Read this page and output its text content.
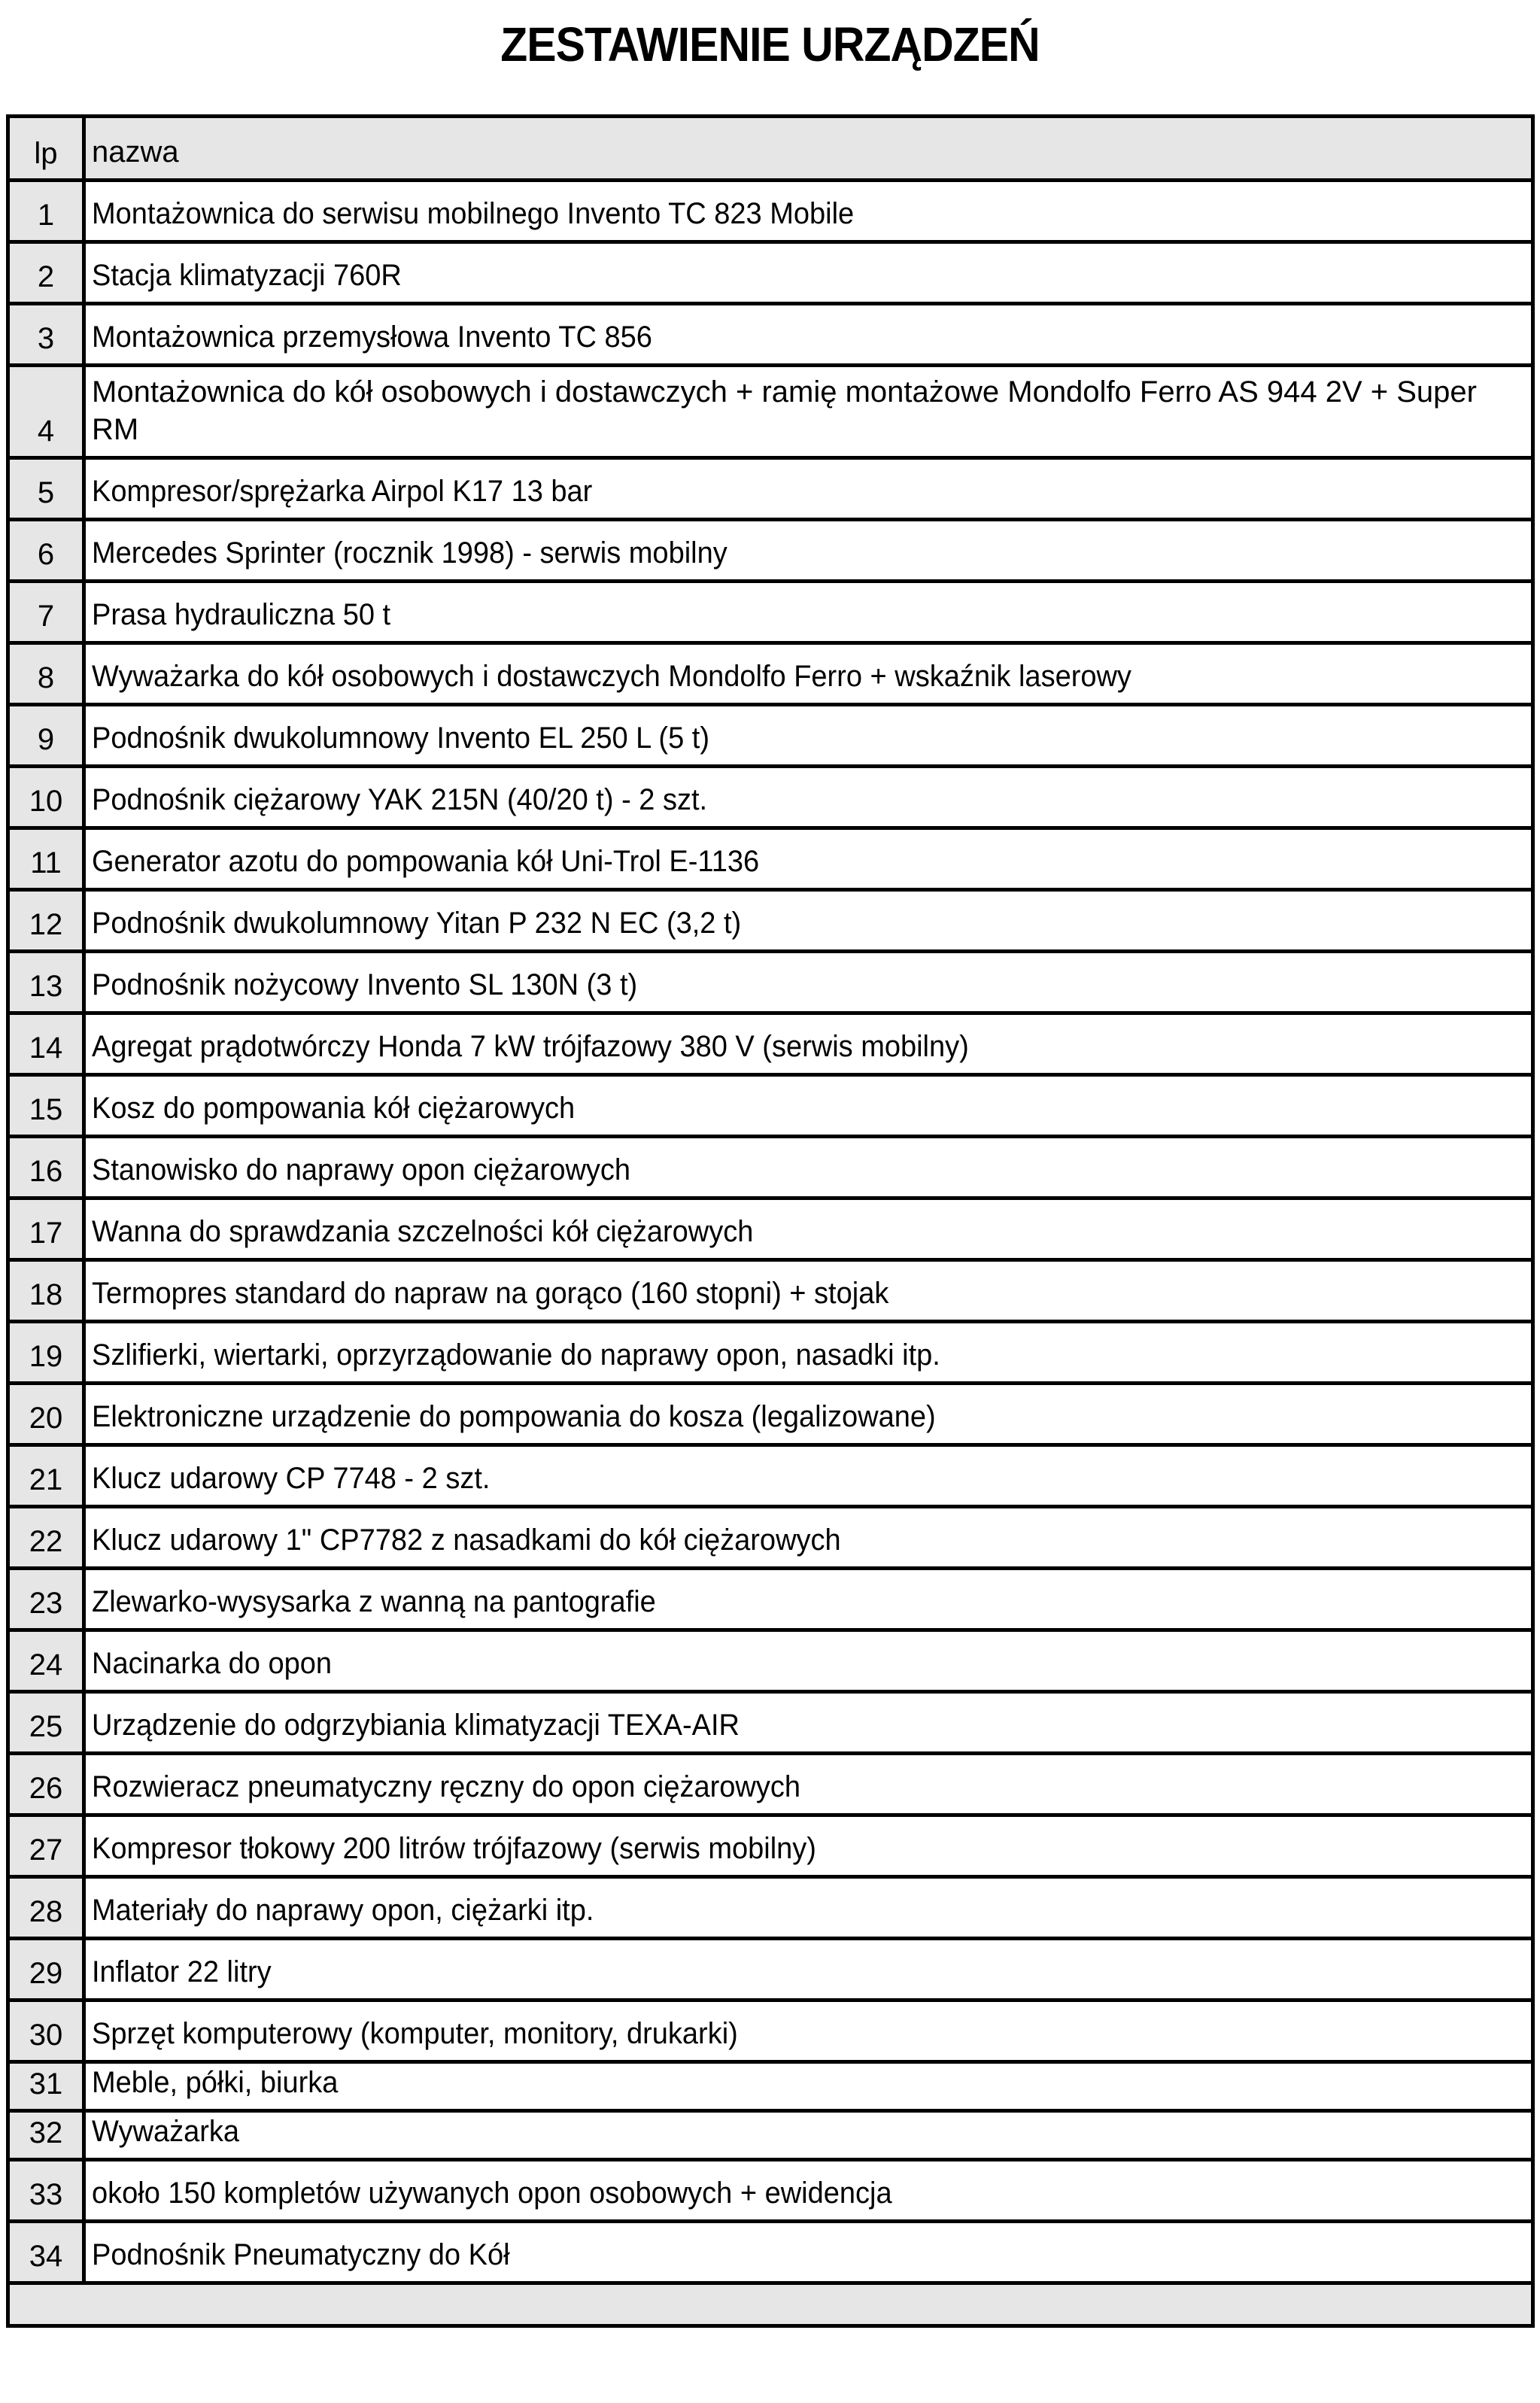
ZESTAWIENIE URZĄDZEŃ
lp	nazwa
1	Montażownica do serwisu mobilnego Invento TC 823 Mobile
2	Stacja klimatyzacji 760R
3	Montażownica przemysłowa Invento TC 856
4	Montażownica do kół osobowych i dostawczych + ramię montażowe Mondolfo Ferro AS 944 2V + Super RM

5	Kompresor/sprężarka Airpol K17 13 bar
6	Mercedes Sprinter (rocznik 1998) - serwis mobilny
7	Prasa hydrauliczna 50 t
8	Wyważarka do kół osobowych i dostawczych Mondolfo Ferro + wskaźnik laserowy
9	Podnośnik dwukolumnowy Invento EL 250 L (5 t)
10	Podnośnik ciężarowy YAK 215N (40/20 t) - 2 szt.
11	Generator azotu do pompowania kół Uni-Trol E-1136
12	Podnośnik dwukolumnowy Yitan P 232 N EC (3,2 t)
13	Podnośnik nożycowy Invento SL 130N (3 t)
14	Agregat prądotwórczy Honda 7 kW trójfazowy 380 V (serwis mobilny)
15	Kosz do pompowania kół ciężarowych
16	Stanowisko do naprawy opon ciężarowych
17	Wanna do sprawdzania szczelności kół ciężarowych
18	Termopres standard do napraw na gorąco (160 stopni) + stojak
19	Szlifierki, wiertarki, oprzyrządowanie do naprawy opon, nasadki itp.
20	Elektroniczne urządzenie do pompowania do kosza (legalizowane)
21	Klucz udarowy CP 7748 - 2 szt.
22	Klucz udarowy 1" CP7782 z nasadkami do kół ciężarowych
23	Zlewarko-wysysarka z wanną na pantografie
24	Nacinarka do opon
25	Urządzenie do odgrzybiania klimatyzacji TEXA-AIR
26	Rozwieracz pneumatyczny ręczny do opon ciężarowych
27	Kompresor tłokowy 200 litrów trójfazowy (serwis mobilny)
28	Materiały do naprawy opon, ciężarki itp.
29	Inflator 22 litry
30	Sprzęt komputerowy (komputer, monitory, drukarki)
31	Meble, półki, biurka
32	Wyważarka
33	około 150 kompletów używanych opon osobowych + ewidencja
34	Podnośnik Pneumatyczny do Kół
